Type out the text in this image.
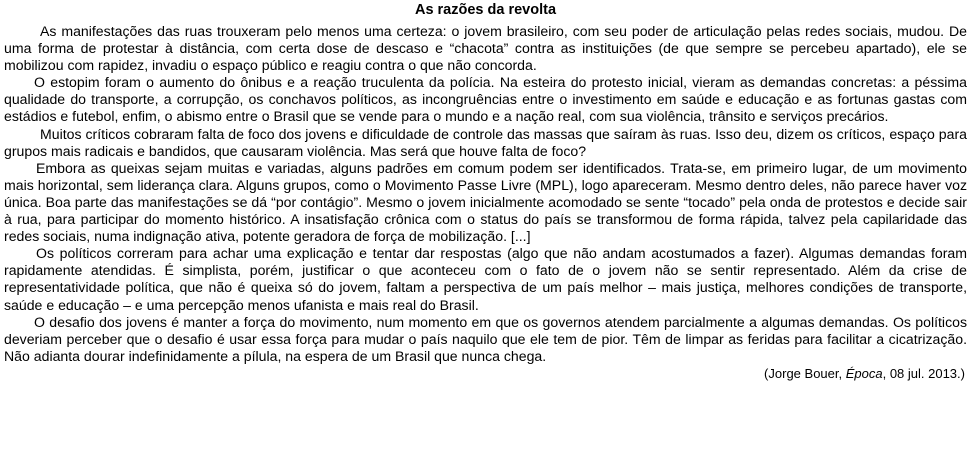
As razões da revolta

As manifestações das ruas trouxeram pelo menos uma certeza: o jovem brasileiro, com seu poder de articulação pelas redes sociais, mudou. De uma forma de protestar à distância, com certa dose de descaso e “chacota” contra as instituições (de que sempre se percebeu apartado), ele se mobilizou com rapidez, invadiu o espaço público e reagiu contra o que não concorda.

O estopim foram o aumento do ônibus e a reação truculenta da polícia. Na esteira do protesto inicial, vieram as demandas concretas: a péssima qualidade do transporte, a corrupção, os conchavos políticos, as incongruências entre o investimento em saúde e educação e as fortunas gastas com estádios e futebol, enfim, o abismo entre o Brasil que se vende para o mundo e a nação real, com sua violência, trânsito e serviços precários.

Muitos críticos cobraram falta de foco dos jovens e dificuldade de controle das massas que saíram às ruas. Isso deu, dizem os críticos, espaço para grupos mais radicais e bandidos, que causaram violência. Mas será que houve falta de foco?

Embora as queixas sejam muitas e variadas, alguns padrões em comum podem ser identificados. Trata-se, em primeiro lugar, de um movimento mais horizontal, sem liderança clara. Alguns grupos, como o Movimento Passe Livre (MPL), logo apareceram. Mesmo dentro deles, não parece haver voz única. Boa parte das manifestações se dá “por contágio”. Mesmo o jovem inicialmente acomodado se sente “tocado” pela onda de protestos e decide sair à rua, para participar do momento histórico. A insatisfação crônica com o status do país se transformou de forma rápida, talvez pela capilaridade das redes sociais, numa indignação ativa, potente geradora de força de mobilização. [...]

Os políticos correram para achar uma explicação e tentar dar respostas (algo que não andam acostumados a fazer). Algumas demandas foram rapidamente atendidas. É simplista, porém, justificar o que aconteceu com o fato de o jovem não se sentir representado. Além da crise de representatividade política, que não é queixa só do jovem, faltam a perspectiva de um país melhor – mais justiça, melhores condições de transporte, saúde e educação – e uma percepção menos ufanista e mais real do Brasil.

O desafio dos jovens é manter a força do movimento, num momento em que os governos atendem parcialmente a algumas demandas. Os políticos deveriam perceber que o desafio é usar essa força para mudar o país naquilo que ele tem de pior. Têm de limpar as feridas para facilitar a cicatrização. Não adianta dourar indefinidamente a pílula, na espera de um Brasil que nunca chega.

(Jorge Bouer, Época, 08 jul. 2013.)
